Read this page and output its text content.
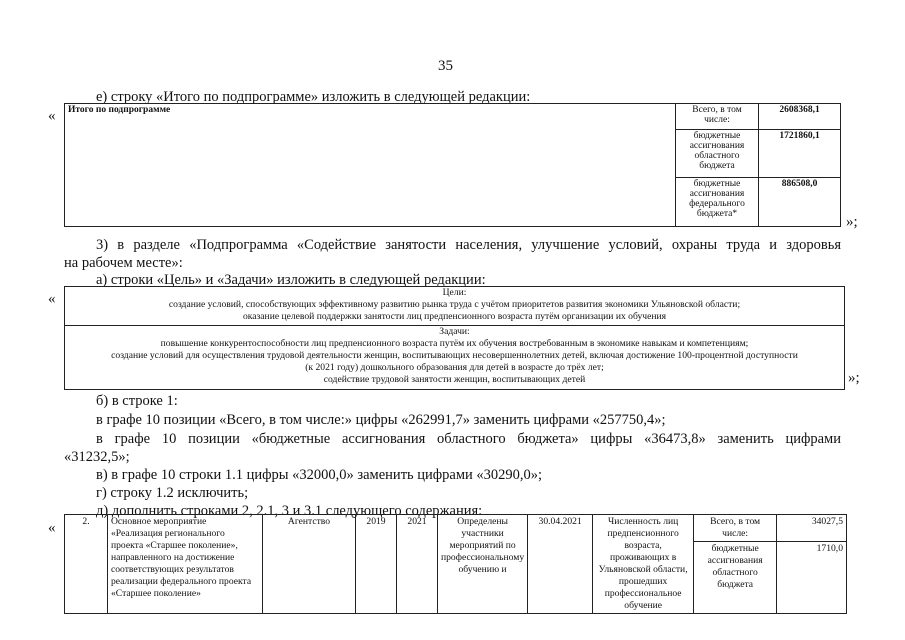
35
е) строку «Итого по подпрограмме» изложить в следующей редакции:
« Итого по подпрограмме	Всего, в том числе:	2608368,1
	бюджетные ассигнования областного бюджета	1721860,1
	бюджетные ассигнования федерального бюджета*	886508,0
»;
3) в разделе «Подпрограмма «Содействие занятости населения, улучшение условий, охраны труда и здоровья
на рабочем месте»:
а) строки «Цель» и «Задачи» изложить в следующей редакции:
«	Цели:
создание условий, способствующих эффективному развитию рынка труда с учётом приоритетов развития экономики Ульяновской области;
оказание целевой поддержки занятости лиц предпенсионного возраста путём организации их обучения
Задачи:
повышение конкурентоспособности лиц предпенсионного возраста путём их обучения востребованным в экономике навыкам и компетенциям;
создание условий для осуществления трудовой деятельности женщин, воспитывающих несовершеннолетних детей, включая достижение 100-процентной доступности
(к 2021 году) дошкольного образования для детей в возрасте до трёх лет;
содействие трудовой занятости женщин, воспитывающих детей	»;
б) в строке 1:
в графе 10 позиции «Всего, в том числе:» цифры «262991,7» заменить цифрами «257750,4»;
в графе 10 позиции «бюджетные ассигнования областного бюджета» цифры «36473,8» заменить цифрами
«31232,5»;
в) в графе 10 строки 1.1 цифры «32000,0» заменить цифрами «30290,0»;
г) строку 1.2 исключить;
д) дополнить строками 2, 2.1, 3 и 3.1 следующего содержания:
«	2.	Основное мероприятие «Реализация регионального проекта «Старшее поколение», направленного на достижение соответствующих результатов реализации федерального проекта «Старшее поколение»	Агентство	2019	2021	Определены участники мероприятий по профессиональному обучению и	30.04.2021	Численность лиц предпенсионного возраста, проживающих в Ульяновской области, прошедших профессиональное обучение	Всего, в том числе:	34027,5
								бюджетные ассигнования областного бюджета	1710,0
